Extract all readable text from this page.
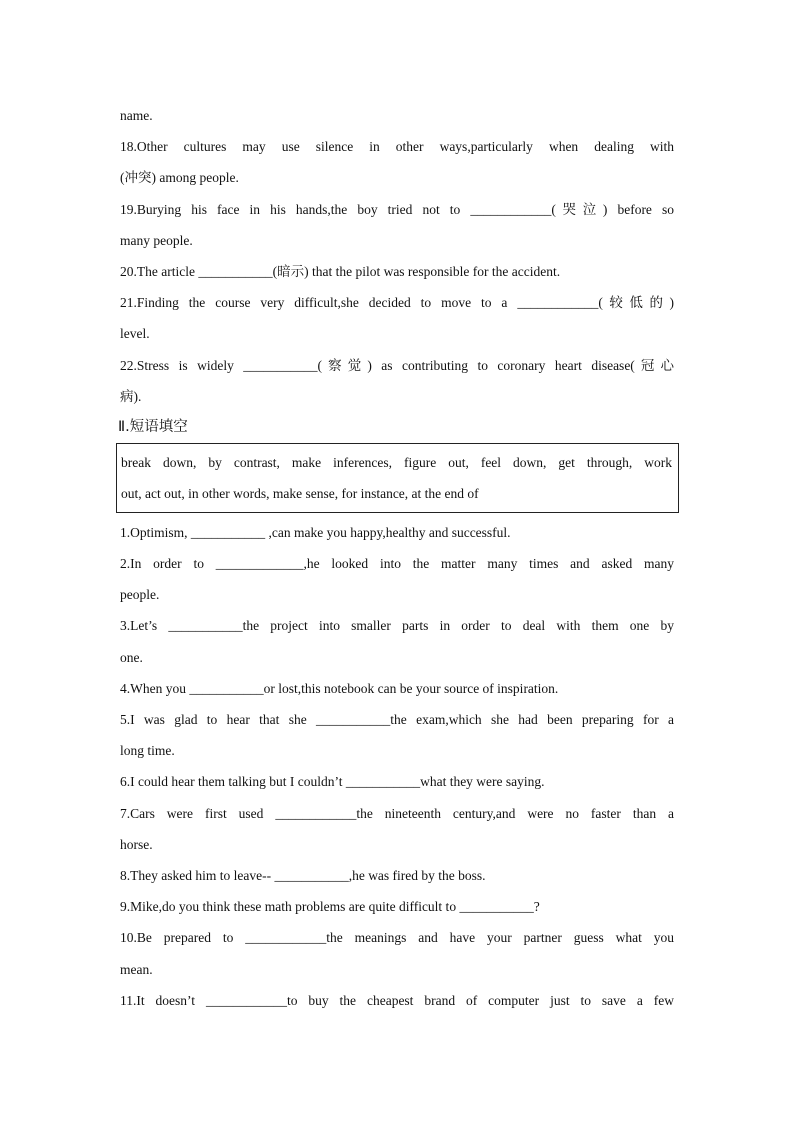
name.
18.Other cultures may use silence in other ways,particularly when dealing with
(冲突) among people.
19.Burying his face in his hands,the boy tried not to ____________(哭泣) before so
many people.
20.The article ___________(暗示) that the pilot was responsible for the accident.
21.Finding the course very difficult,she decided to move to a ____________(较低的)
level.
22.Stress is widely ___________(察觉) as contributing to coronary heart disease(冠心
病).
Ⅱ.短语填空
break down, by contrast, make inferences, figure out, feel down, get through, work
out, act out, in other words, make sense, for instance, at the end of
1.Optimism, ___________ ,can make you happy,healthy and successful.
2.In order to _____________,he looked into the matter many times and asked many
people.
3.Let’s ___________the project into smaller parts in order to deal with them one by
one.
4.When you ___________or lost,this notebook can be your source of inspiration.
5.I was glad to hear that she ___________the exam,which she had been preparing for a
long time.
6.I could hear them talking but I couldn’t ___________what they were saying.
7.Cars were first used ____________the nineteenth century,and were no faster than a
horse.
8.They asked him to leave-- ___________,he was fired by the boss.
9.Mike,do you think these math problems are quite difficult to ___________?
10.Be prepared to ____________the meanings and have your partner guess what you
mean.
11.It doesn’t ____________to buy the cheapest brand of computer just to save a few
